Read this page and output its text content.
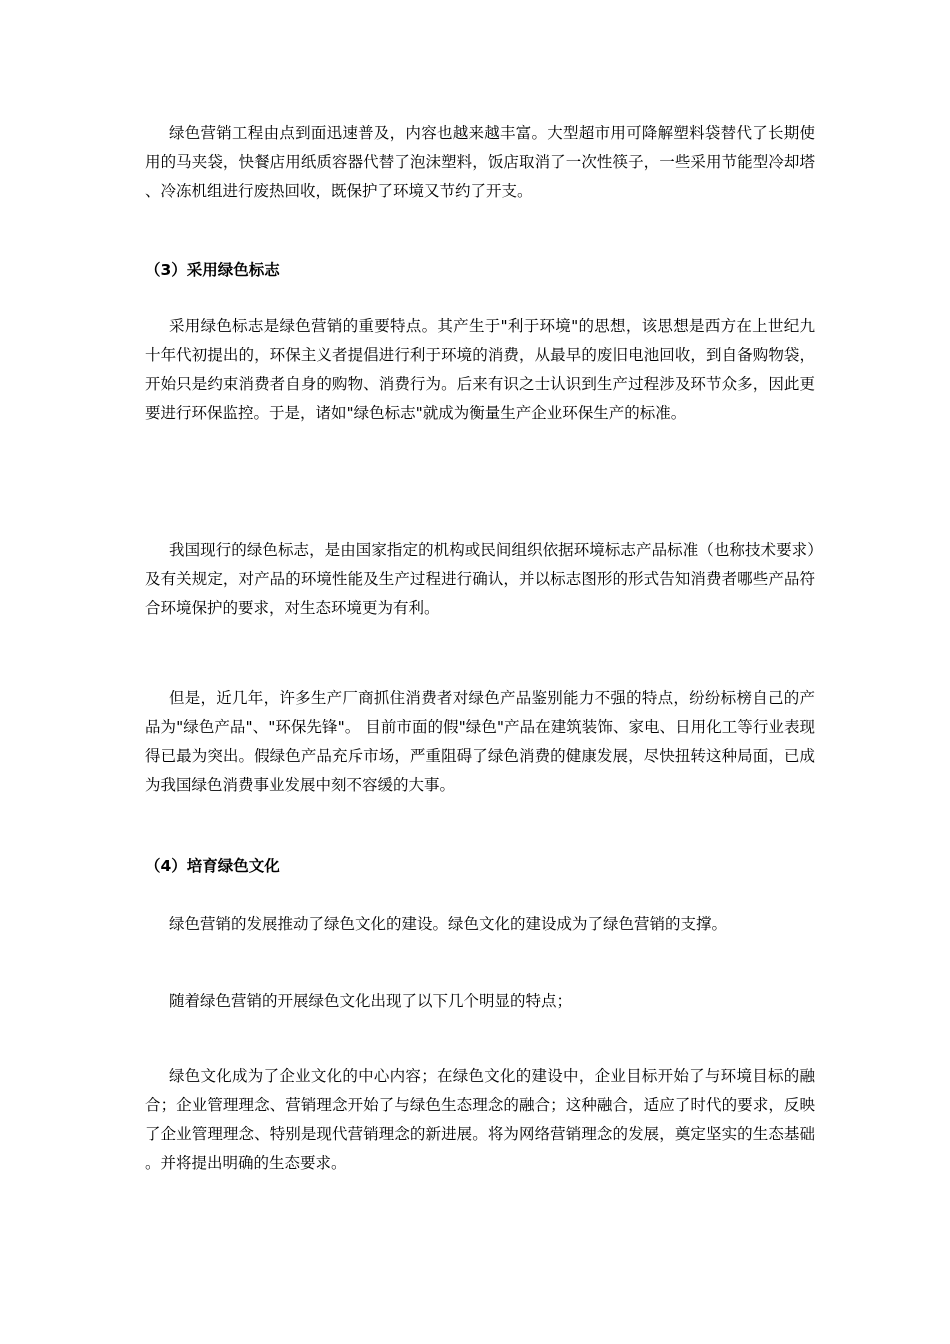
绿色营销工程由点到面迅速普及，内容也越来越丰富。大型超市用可降解塑料袋替代了长期使用的马夹袋，快餐店用纸质容器代替了泡沫塑料，饭店取消了一次性筷子，一些采用节能型冷却塔、冷冻机组进行废热回收，既保护了环境又节约了开支。

（3）采用绿色标志

采用绿色标志是绿色营销的重要特点。其产生于"利于环境"的思想，该思想是西方在上世纪九十年代初提出的，环保主义者提倡进行利于环境的消费，从最早的废旧电池回收，到自备购物袋，开始只是约束消费者自身的购物、消费行为。后来有识之士认识到生产过程涉及环节众多，因此更要进行环保监控。于是，诸如"绿色标志"就成为衡量生产企业环保生产的标准。

我国现行的绿色标志，是由国家指定的机构或民间组织依据环境标志产品标准（也称技术要求）及有关规定，对产品的环境性能及生产过程进行确认，并以标志图形的形式告知消费者哪些产品符合环境保护的要求，对生态环境更为有利。

但是，近几年，许多生产厂商抓住消费者对绿色产品鉴别能力不强的特点，纷纷标榜自己的产品为"绿色产品"、"环保先锋"。 目前市面的假"绿色"产品在建筑装饰、家电、日用化工等行业表现得已最为突出。假绿色产品充斥市场，严重阻碍了绿色消费的健康发展，尽快扭转这种局面，已成为我国绿色消费事业发展中刻不容缓的大事。

（4）培育绿色文化

绿色营销的发展推动了绿色文化的建设。绿色文化的建设成为了绿色营销的支撑。

随着绿色营销的开展绿色文化出现了以下几个明显的特点；

绿色文化成为了企业文化的中心内容；在绿色文化的建设中，企业目标开始了与环境目标的融合；企业管理理念、营销理念开始了与绿色生态理念的融合；这种融合，适应了时代的要求，反映了企业管理理念、特别是现代营销理念的新进展。将为网络营销理念的发展，奠定坚实的生态基础。并将提出明确的生态要求。
